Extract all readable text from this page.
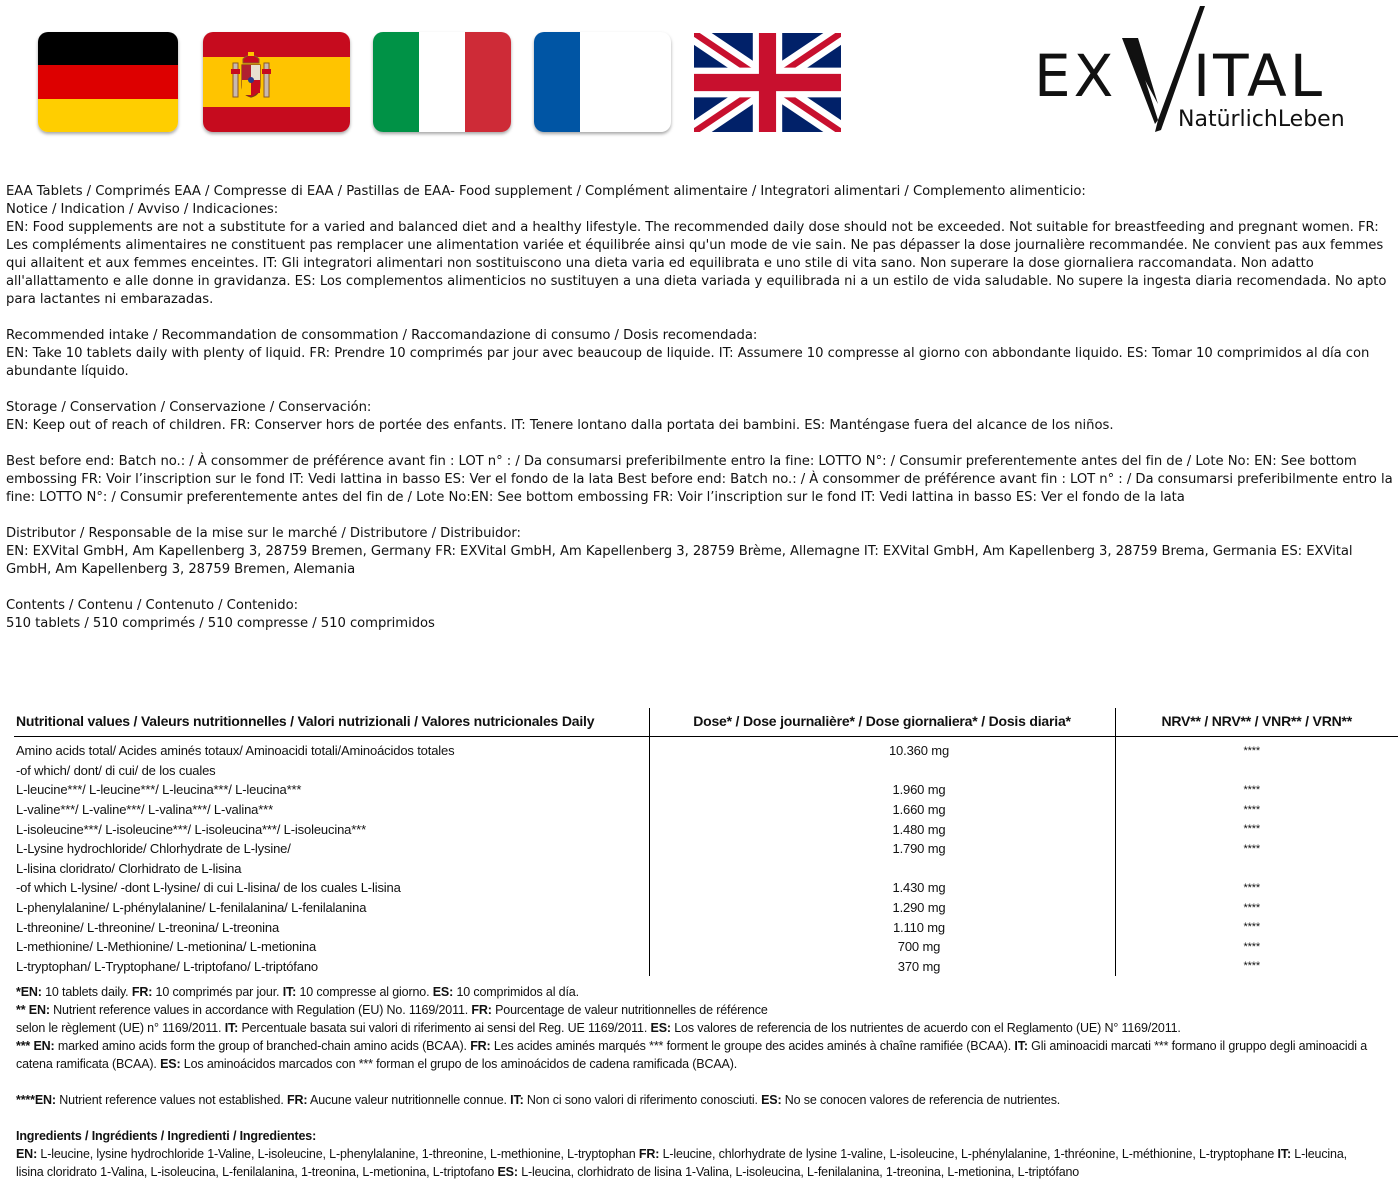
EX ITAL
NatürlichLeben

EAA Tablets / Comprimés EAA / Compresse di EAA / Pastillas de EAA- Food supplement / Complément alimentaire / Integratori alimentari / Complemento alimenticio:

Notice / Indication / Avviso / Indicaciones:

EN: Food supplements are not a substitute for a varied and balanced diet and a healthy lifestyle. The recommended daily dose should not be exceeded. Not suitable for breastfeeding and pregnant women. FR: Les compléments alimentaires ne constituent pas remplacer une alimentation variée et équilibrée ainsi qu'un mode de vie sain. Ne pas dépasser la dose journalière recommandée. Ne convient pas aux femmes qui allaitent et aux femmes enceintes. IT: Gli integratori alimentari non sostituiscono una dieta varia ed equilibrata e uno stile di vita sano. Non superare la dose giornaliera raccomandata. Non adatto all'allattamento e alle donne in gravidanza. ES: Los complementos alimenticios no sustituyen a una dieta variada y equilibrada ni a un estilo de vida saludable. No supere la ingesta diaria recomendada. No apto para lactantes ni embarazadas.

Recommended intake / Recommandation de consommation / Raccomandazione di consumo / Dosis recomendada:

EN: Take 10 tablets daily with plenty of liquid. FR: Prendre 10 comprimés par jour avec beaucoup de liquide. IT: Assumere 10 compresse al giorno con abbondante liquido. ES: Tomar 10 comprimidos al día con abundante líquido.

Storage / Conservation / Conservazione / Conservación:

EN: Keep out of reach of children. FR: Conserver hors de portée des enfants. IT: Tenere lontano dalla portata dei bambini. ES: Manténgase fuera del alcance de los niños.

Best before end: Batch no.: / À consommer de préférence avant fin : LOT n° : / Da consumarsi preferibilmente entro la fine: LOTTO N°: / Consumir preferentemente antes del fin de / Lote No: EN: See bottom embossing FR: Voir l’inscription sur le fond IT: Vedi lattina in basso ES: Ver el fondo de la lata Best before end: Batch no.: / À consommer de préférence avant fin : LOT n° : / Da consumarsi preferibilmente entro la fine: LOTTO N°: / Consumir preferentemente antes del fin de / Lote No:EN: See bottom embossing FR: Voir l’inscription sur le fond IT: Vedi lattina in basso ES: Ver el fondo de la lata

Distributor / Responsable de la mise sur le marché / Distributore / Distribuidor:

EN: EXVital GmbH, Am Kapellenberg 3, 28759 Bremen, Germany FR: EXVital GmbH, Am Kapellenberg 3, 28759 Brème, Allemagne IT: EXVital GmbH, Am Kapellenberg 3, 28759 Brema, Germania ES: EXVital GmbH, Am Kapellenberg 3, 28759 Bremen, Alemania

Contents / Contenu / Contenuto / Contenido:

510 tablets / 510 comprimés / 510 compresse / 510 comprimidos

Nutritional values / Valeurs nutritionnelles / Valori nutrizionali / Valores nutricionales Daily	Dose* / Dose journalière* / Dose giornaliera* / Dosis diaria*	NRV** / NRV** / VNR** / VRN**
Amino acids total/ Acides aminés totaux/ Aminoacidi totali/Aminoácidos totales	10.360 mg	****
-of which/ dont/ di cui/ de los cuales		
L-leucine***/ L-leucine***/ L-leucina***/ L-leucina***	1.960 mg	****
L-valine***/ L-valine***/ L-valina***/ L-valina***	1.660 mg	****
L-isoleucine***/ L-isoleucine***/ L-isoleucina***/ L-isoleucina***	1.480 mg	****
L-Lysine hydrochloride/ Chlorhydrate de L-lysine/	1.790 mg	****
L-lisina cloridrato/ Clorhidrato de L-lisina		
-of which L-lysine/ -dont L-lysine/ di cui L-lisina/ de los cuales L-lisina	1.430 mg	****
L-phenylalanine/ L-phénylalanine/ L-fenilalanina/ L-fenilalanina	1.290 mg	****
L-threonine/ L-threonine/ L-treonina/ L-treonina	1.110 mg	****
L-methionine/ L-Methionine/ L-metionina/ L-metionina	700 mg	****
L-tryptophan/ L-Tryptophane/ L-triptofano/ L-triptófano	370 mg	****

*EN: 10 tablets daily. FR: 10 comprimés par jour. IT: 10 compresse al giorno. ES: 10 comprimidos al día.

** EN: Nutrient reference values in accordance with Regulation (EU) No. 1169/2011. FR: Pourcentage de valeur nutritionnelles de référence

selon le règlement (UE) n° 1169/2011. IT: Percentuale basata sui valori di riferimento ai sensi del Reg. UE 1169/2011. ES: Los valores de referencia de los nutrientes de acuerdo con el Reglamento (UE) N° 1169/2011.

*** EN: marked amino acids form the group of branched-chain amino acids (BCAA). FR: Les acides aminés marqués *** forment le groupe des acides aminés à chaîne ramifiée (BCAA). IT: Gli aminoacidi marcati *** formano il gruppo degli aminoacidi a

catena ramificata (BCAA). ES: Los aminoácidos marcados con *** forman el grupo de los aminoácidos de cadena ramificada (BCAA).

****EN: Nutrient reference values not established. FR: Aucune valeur nutritionnelle connue. IT: Non ci sono valori di riferimento conosciuti. ES: No se conocen valores de referencia de nutrientes.

Ingredients / Ingrédients / Ingredienti / Ingredientes:

EN: L-leucine, lysine hydrochloride 1-Valine, L-isoleucine, L-phenylalanine, 1-threonine, L-methionine, L-tryptophan FR: L-leucine, chlorhydrate de lysine 1-valine, L-isoleucine, L-phénylalanine, 1-thréonine, L-méthionine, L-tryptophane IT: L-leucina,

lisina cloridrato 1-Valina, L-isoleucina, L-fenilalanina, 1-treonina, L-metionina, L-triptofano ES: L-leucina, clorhidrato de lisina 1-Valina, L-isoleucina, L-fenilalanina, 1-treonina, L-metionina, L-triptófano
